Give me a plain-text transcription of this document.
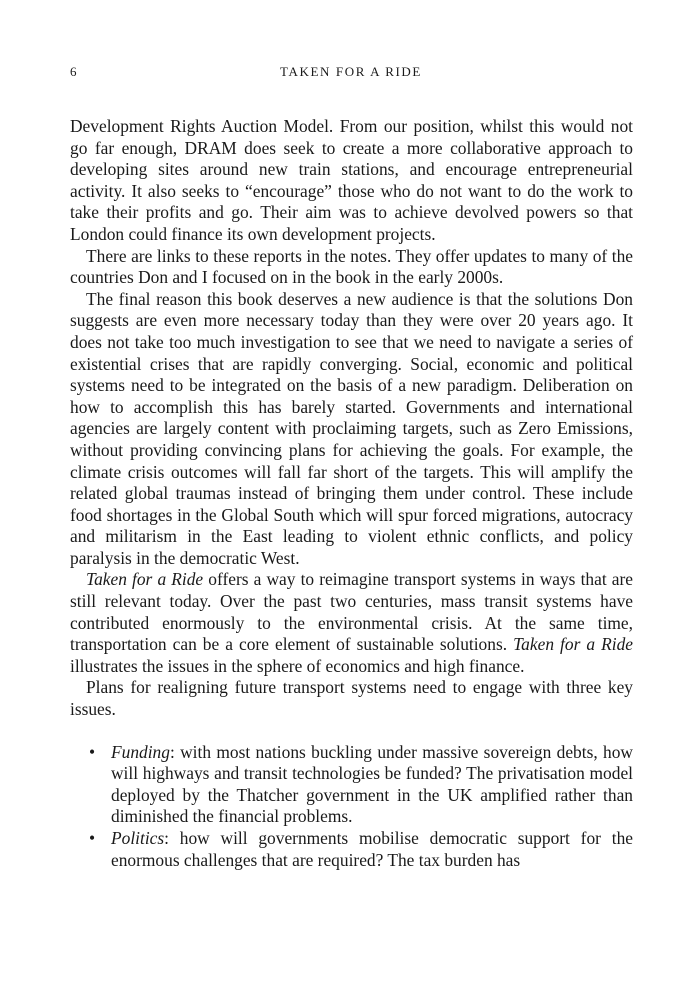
6	TAKEN FOR A RIDE

Development Rights Auction Model. From our position, whilst this would not go far enough, DRAM does seek to create a more collaborative approach to developing sites around new train stations, and encourage entrepreneurial activity. It also seeks to “encourage” those who do not want to do the work to take their profits and go. Their aim was to achieve devolved powers so that London could finance its own development projects.

There are links to these reports in the notes. They offer updates to many of the countries Don and I focused on in the book in the early 2000s.

The final reason this book deserves a new audience is that the solutions Don suggests are even more necessary today than they were over 20 years ago. It does not take too much investigation to see that we need to navigate a series of existential crises that are rapidly converging. Social, economic and political systems need to be integrated on the basis of a new paradigm. Deliberation on how to accomplish this has barely started. Governments and international agencies are largely content with proclaiming targets, such as Zero Emissions, without providing convincing plans for achieving the goals. For example, the climate crisis outcomes will fall far short of the targets. This will amplify the related global traumas instead of bringing them under control. These include food shortages in the Global South which will spur forced migrations, autocracy and militarism in the East leading to violent ethnic conflicts, and policy paralysis in the democratic West.

Taken for a Ride offers a way to reimagine transport systems in ways that are still relevant today. Over the past two centuries, mass transit systems have contributed enormously to the environmental crisis. At the same time, transportation can be a core element of sustainable solutions. Taken for a Ride illustrates the issues in the sphere of economics and high finance.

Plans for realigning future transport systems need to engage with three key issues.

• Funding: with most nations buckling under massive sovereign debts, how will highways and transit technologies be funded? The privatisation model deployed by the Thatcher government in the UK amplified rather than diminished the financial problems.
• Politics: how will governments mobilise democratic support for the enormous challenges that are required? The tax burden has
